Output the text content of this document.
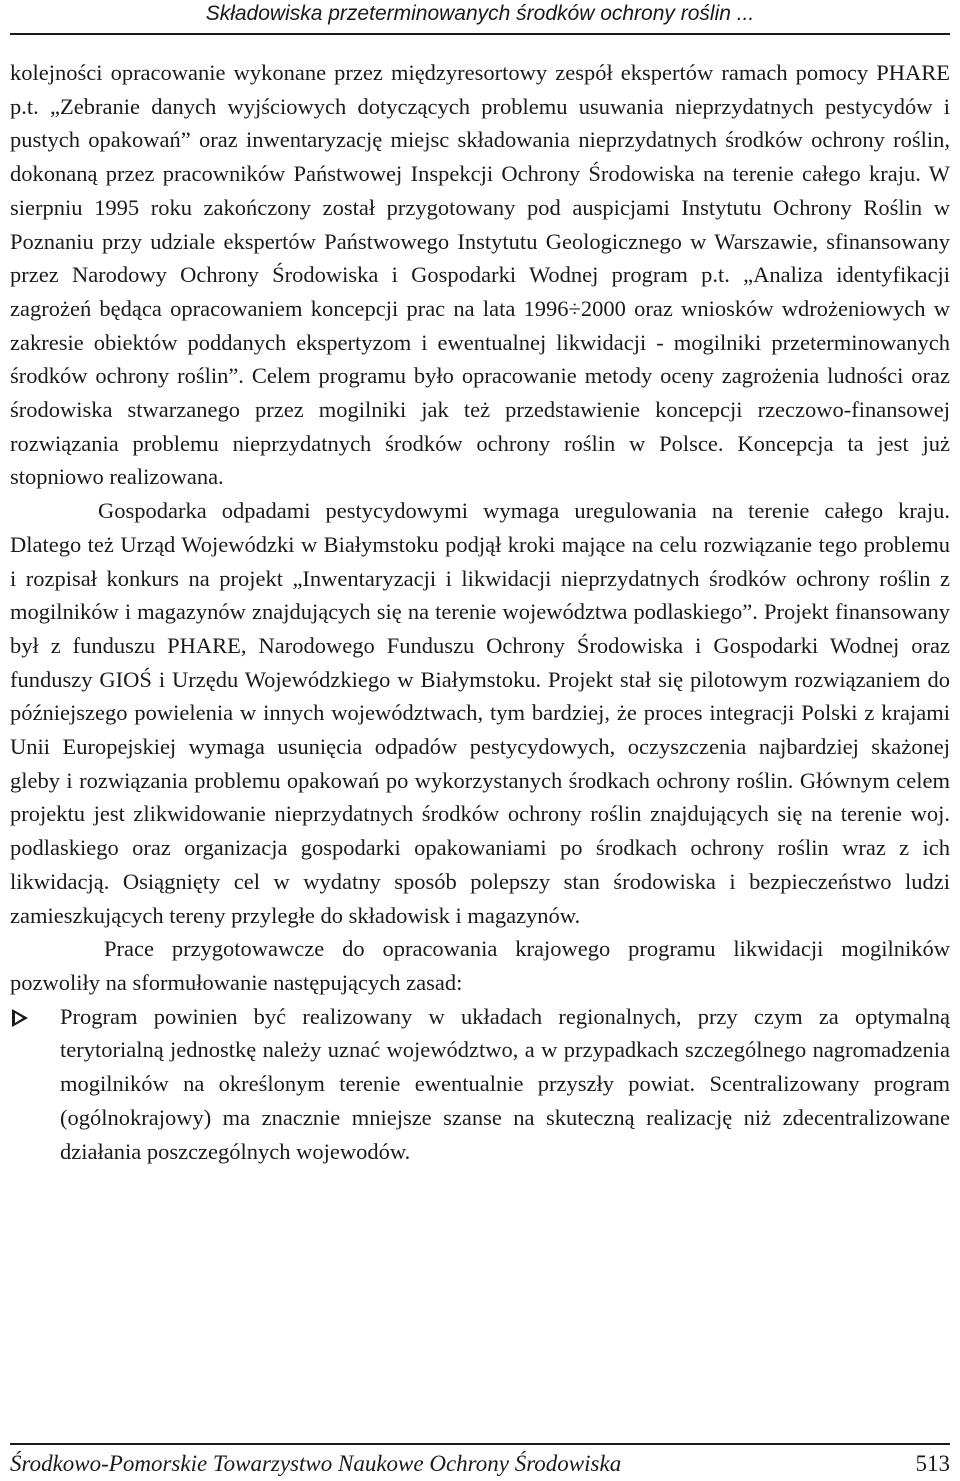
Składowiska przeterminowanych środków ochrony roślin ...

kolejności opracowanie wykonane przez międzyresortowy zespół ekspertów ramach pomocy PHARE p.t. „Zebranie danych wyjściowych dotyczących problemu usuwania nieprzydatnych pestycydów i pustych opakowań” oraz inwentaryzację miejsc składowania nieprzydatnych środków ochrony roślin, dokonaną przez pracowników Państwowej Inspekcji Ochrony Środowiska na terenie całego kraju. W sierpniu 1995 roku zakończony został przygotowany pod auspicjami Instytutu Ochrony Roślin w Poznaniu przy udziale ekspertów Państwowego Instytutu Geologicznego w Warszawie, sfinansowany przez Narodowy Ochrony Środowiska i Gospodarki Wodnej program p.t. „Analiza identyfikacji zagrożeń będąca opracowaniem koncepcji prac na lata 1996÷2000 oraz wniosków wdrożeniowych w zakresie obiektów poddanych ekspertyzom i ewentualnej likwidacji - mogilniki przeterminowanych środków ochrony roślin”. Celem programu było opracowanie metody oceny zagrożenia ludności oraz środowiska stwarzanego przez mogilniki jak też przedstawienie koncepcji rzeczowo-finansowej rozwiązania problemu nieprzydatnych środków ochrony roślin w Polsce. Koncepcja ta jest już stopniowo realizowana.

Gospodarka odpadami pestycydowymi wymaga uregulowania na terenie całego kraju. Dlatego też Urząd Wojewódzki w Białymstoku podjął kroki mające na celu rozwiązanie tego problemu i rozpisał konkurs na projekt „Inwentaryzacji i likwidacji nieprzydatnych środków ochrony roślin z mogilników i magazynów znajdujących się na terenie województwa podlaskiego”. Projekt finansowany był z funduszu PHARE, Narodowego Funduszu Ochrony Środowiska i Gospodarki Wodnej oraz funduszy GIOŚ i Urzędu Wojewódzkiego w Białymstoku. Projekt stał się pilotowym rozwiązaniem do późniejszego powielenia w innych województwach, tym bardziej, że proces integracji Polski z krajami Unii Europejskiej wymaga usunięcia odpadów pestycydowych, oczyszczenia najbardziej skażonej gleby i rozwiązania problemu opakowań po wykorzystanych środkach ochrony roślin. Głównym celem projektu jest zlikwidowanie nieprzydatnych środków ochrony roślin znajdujących się na terenie woj. podlaskiego oraz organizacja gospodarki opakowaniami po środkach ochrony roślin wraz z ich likwidacją. Osiągnięty cel w wydatny sposób polepszy stan środowiska i bezpieczeństwo ludzi zamieszkujących tereny przyległe do składowisk i magazynów.

Prace przygotowawcze do opracowania krajowego programu likwidacji mogilników pozwoliły na sformułowanie następujących zasad:

Program powinien być realizowany w układach regionalnych, przy czym za optymalną terytorialną jednostkę należy uznać województwo, a w przypadkach szczególnego nagromadzenia mogilników na określonym terenie ewentualnie przyszły powiat. Scentralizowany program (ogólnokrajowy) ma znacznie mniejsze szanse na skuteczną realizację niż zdecentralizowane działania poszczególnych wojewodów.
Środkowo-Pomorskie Towarzystwo Naukowe Ochrony Środowiska	513
